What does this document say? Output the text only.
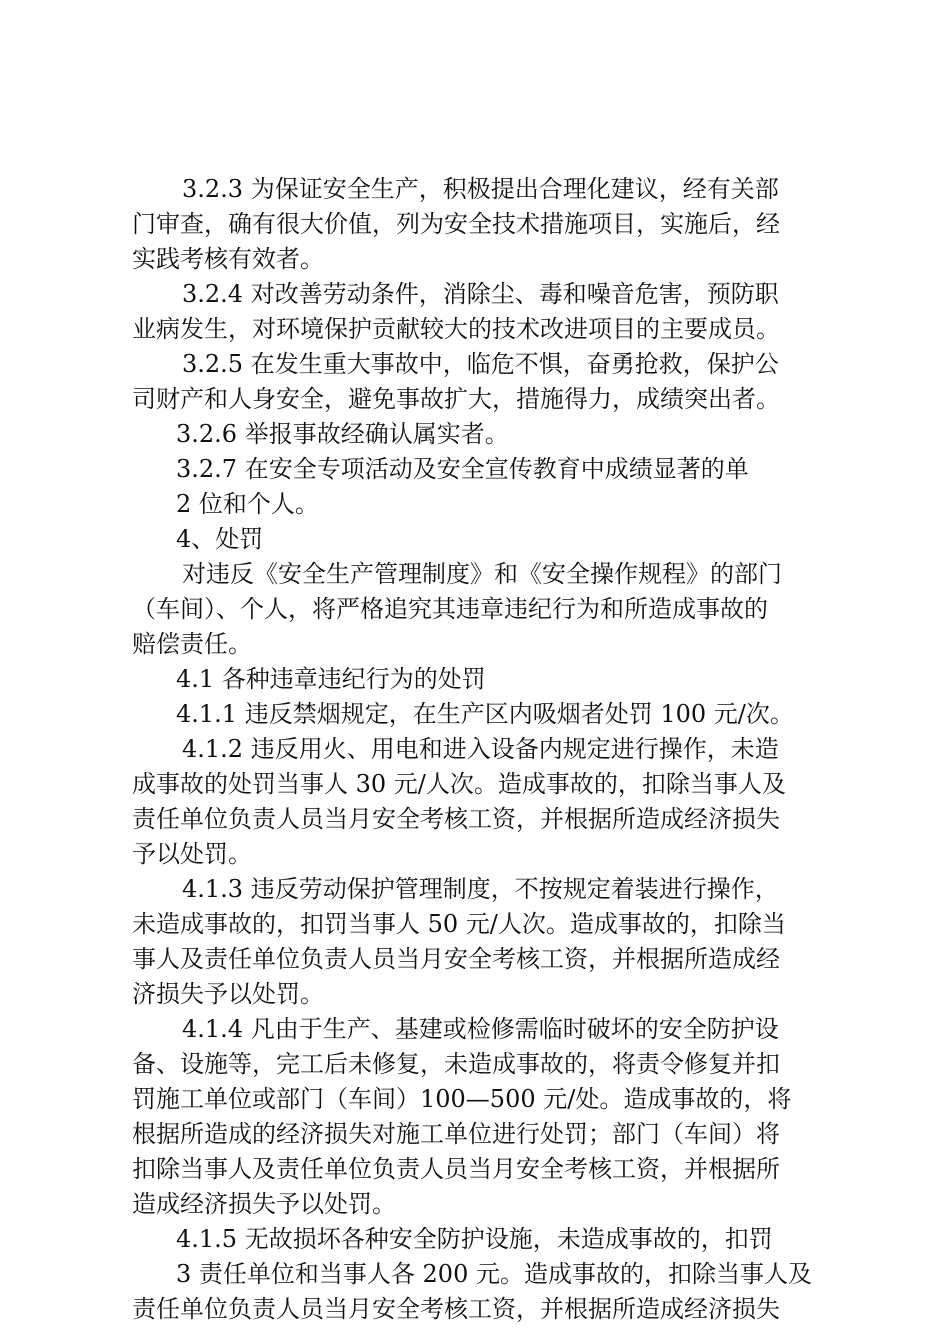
3.2.3 为保证安全生产，积极提出合理化建议，经有关部
门审查，确有很大价值，列为安全技术措施项目，实施后，经
实践考核有效者。
3.2.4 对改善劳动条件，消除尘、毒和噪音危害，预防职
业病发生，对环境保护贡献较大的技术改进项目的主要成员。
3.2.5 在发生重大事故中，临危不惧，奋勇抢救，保护公
司财产和人身安全，避免事故扩大，措施得力，成绩突出者。
3.2.6 举报事故经确认属实者。
3.2.7 在安全专项活动及安全宣传教育中成绩显著的单
2 位和个人。
4、处罚
对违反《安全生产管理制度》和《安全操作规程》的部门
（车间）、个人，将严格追究其违章违纪行为和所造成事故的
赔偿责任。
4.1 各种违章违纪行为的处罚
4.1.1 违反禁烟规定，在生产区内吸烟者处罚 100 元/次。
4.1.2 违反用火、用电和进入设备内规定进行操作，未造
成事故的处罚当事人 30 元/人次。造成事故的，扣除当事人及
责任单位负责人员当月安全考核工资，并根据所造成经济损失
予以处罚。
4.1.3 违反劳动保护管理制度，不按规定着装进行操作，
未造成事故的，扣罚当事人 50 元/人次。造成事故的，扣除当
事人及责任单位负责人员当月安全考核工资，并根据所造成经
济损失予以处罚。
4.1.4 凡由于生产、基建或检修需临时破坏的安全防护设
备、设施等，完工后未修复，未造成事故的，将责令修复并扣
罚施工单位或部门（车间）100—500 元/处。造成事故的，将
根据所造成的经济损失对施工单位进行处罚；部门（车间）将
扣除当事人及责任单位负责人员当月安全考核工资，并根据所
造成经济损失予以处罚。
4.1.5 无故损坏各种安全防护设施，未造成事故的，扣罚
3 责任单位和当事人各 200 元。造成事故的，扣除当事人及
责任单位负责人员当月安全考核工资，并根据所造成经济损失
